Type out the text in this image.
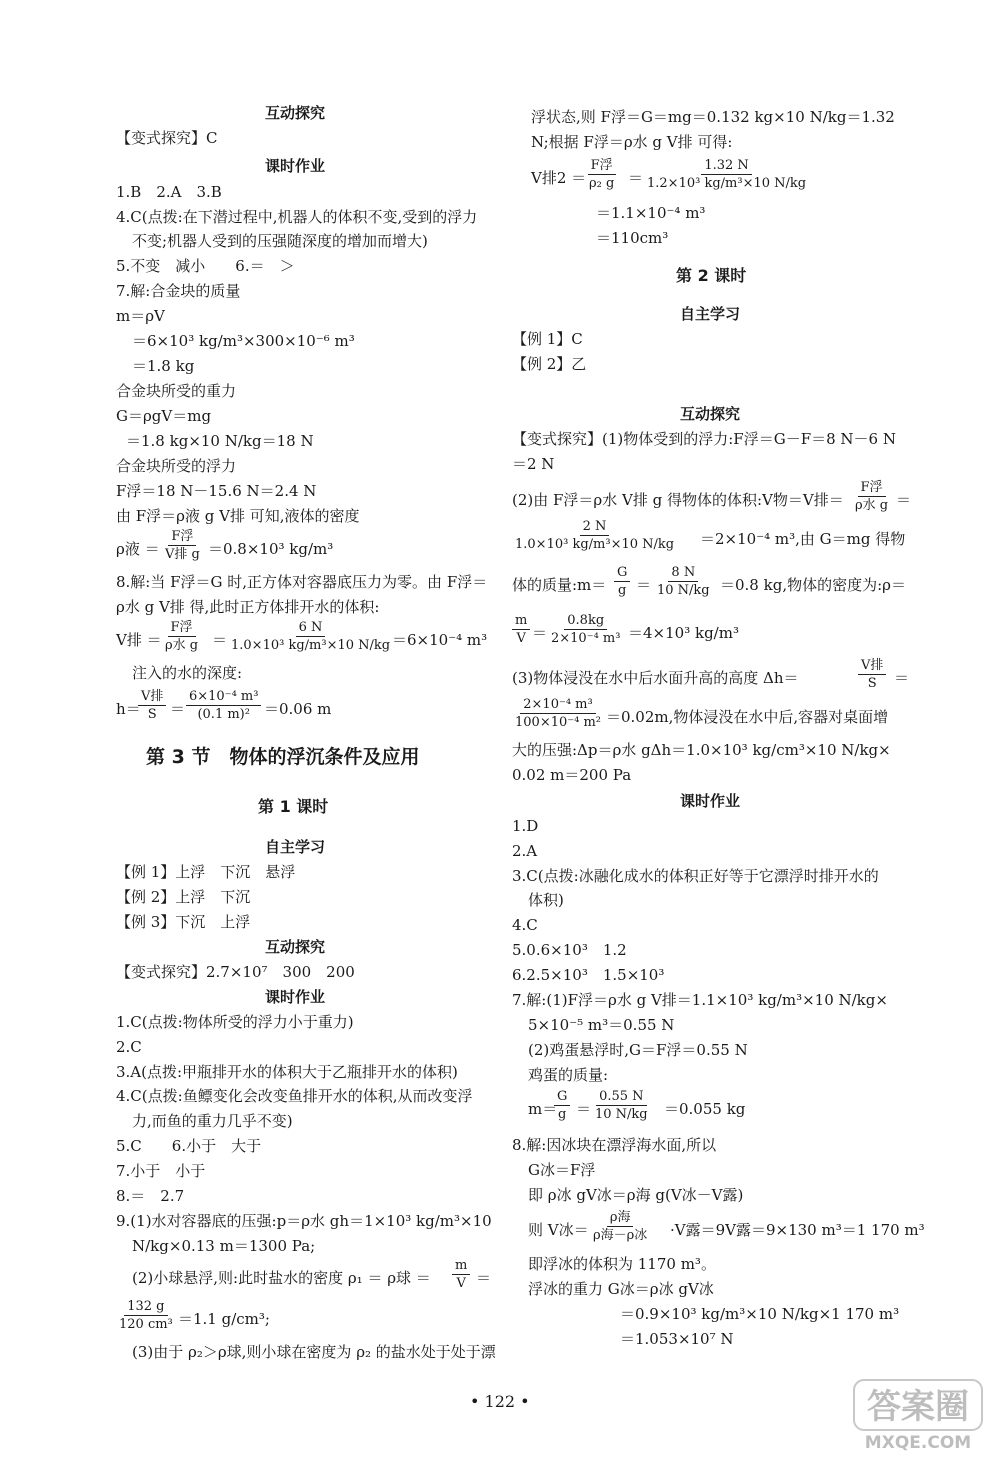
互动探究
【变式探究】C
课时作业
1.B　2.A　3.B
4.C(点拨:在下潜过程中,机器人的体积不变,受到的浮力
不变;机器人受到的压强随深度的增加而增大)
5.不变　减小　　6.＝　＞
7.解:合金块的质量
m＝ρV
＝6×10³ kg/m³×300×10⁻⁶ m³
＝1.8 kg
合金块所受的重力
G＝ρgV＝mg
＝1.8 kg×10 N/kg＝18 N
合金块所受的浮力
F浮＝18 N－15.6 N＝2.4 N
由 F浮＝ρ液 g V排 可知,液体的密度
ρ液 ＝
F浮
V排 g ＝0.8×10³ kg/m³
8.解:当 F浮＝G 时,正方体对容器底压力为零。由 F浮＝
ρ水 g V排 得,此时正方体排开水的体积:
V排 ＝
F浮
ρ水 $g = \frac{6 N}{\text{1.0×10³ kg/m³×10 N/kg}}$
＝6×10⁻⁴ m³
注入的水的深度:
h＝
V排
$S = \frac{\text{6×10⁻⁴ m³}}{\text{(0.1 m)²}} =0.06$ m
第 3 节　物体的浮沉条件及应用
第 1 课时
自主学习
【例 1】上浮　下沉　悬浮
【例 2】上浮　下沉
【例 3】下沉　上浮
互动探究
【变式探究】2.7×10⁷　300　200
课时作业
1.C(点拨:物体所受的浮力小于重力)
2.C
3.A(点拨:甲瓶排开水的体积大于乙瓶排开水的体积)
4.C(点拨:鱼鳔变化会改变鱼排开水的体积,从而改变浮
力,而鱼的重力几乎不变)
5.C　　6.小于　大于
7.小于　小于
8.＝　2.7
9.(1)水对容器底的压强:p＝ρ水 gh＝1×10³ kg/m³×10
N/kg×0.13 m＝1300 Pa;
(2)小球悬浮,则:此时盐水的密度 ρ₁ ＝ ρ球 ＝ $\frac{m}{V}$ ＝
$\frac{132 g}{\text{120 cm³}} =1.1$ g/cm³;
(3)由于 ρ₂＞ρ球,则小球在密度为 ρ₂ 的盐水处于处于漂
浮状态,则 F浮＝G＝mg＝0.132 kg×10 N/kg＝1.32
N;根据 F浮＝ρ水 g V排 可得:
V排2 ＝
F浮
ρ₂ $g = \frac{1.32 N}{\text{1.2×10³ kg/m³×10 N/kg}}$
＝1.1×10⁻⁴ m³
＝110cm³
第 2 课时
自主学习
【例 1】C
【例 2】乙
互动探究
【变式探究】(1)物体受到的浮力:F浮＝G－F＝8 N－6 N
＝2 N
(2)由 F浮＝ρ水 V排 g 得物体的体积:V物＝V排＝
F浮
ρ水 g ＝
$\frac{2 N}{\text{1.0×10³ kg/m³×10 N/kg}} =2\times 10^{-4}$ m³,由 G＝mg 得物
体的质量:m＝ $\frac{G}{g} = \frac{8 N}{10 N/kg} =0.8$ kg,物体的密度为:ρ＝
$\frac{m}{V} = \frac{0.8kg}{\text{2×10⁻⁴ m³}} =4\times 10^3$ kg/m³
(3)物体浸没在水中后水面升高的高度 Δh＝
V排
S ＝
$\frac{\text{2×10⁻⁴ m³}}{\text{100×10⁻⁴ m²}} =0.02m$,物体浸没在水中后,容器对桌面增
大的压强:Δp＝ρ水 gΔh＝1.0×10³ kg/cm³×10 N/kg×
0.02 m＝200 Pa
课时作业
1.D
2.A
3.C(点拨:冰融化成水的体积正好等于它漂浮时排开水的
体积)
4.C
5.0.6×10³　1.2
6.2.5×10³　1.5×10³
7.解:(1)F浮＝ρ水 g V排＝1.1×10³ kg/m³×10 N/kg×
5×10⁻⁵ m³＝0.55 N
(2)鸡蛋悬浮时,G＝F浮＝0.55 N
鸡蛋的质量:
m＝
$\frac{G}{g} = \frac{0.55 N}{10 N/kg} =0.055$ kg
8.解:因冰块在漂浮海水面,所以
G冰＝F浮
即 ρ冰 gV冰＝ρ海 g(V冰－V露)
则 V冰＝
ρ海
ρ海－ρ冰 ·V露＝9V露＝9×130 m³＝1 170 m³
即浮冰的体积为 1170 m³。
浮冰的重力 G冰＝ρ冰 gV冰
＝0.9×10³ kg/m³×10 N/kg×1 170 m³
＝1.053×10⁷ N
• 122 •	答案圈
MXQE.COM
